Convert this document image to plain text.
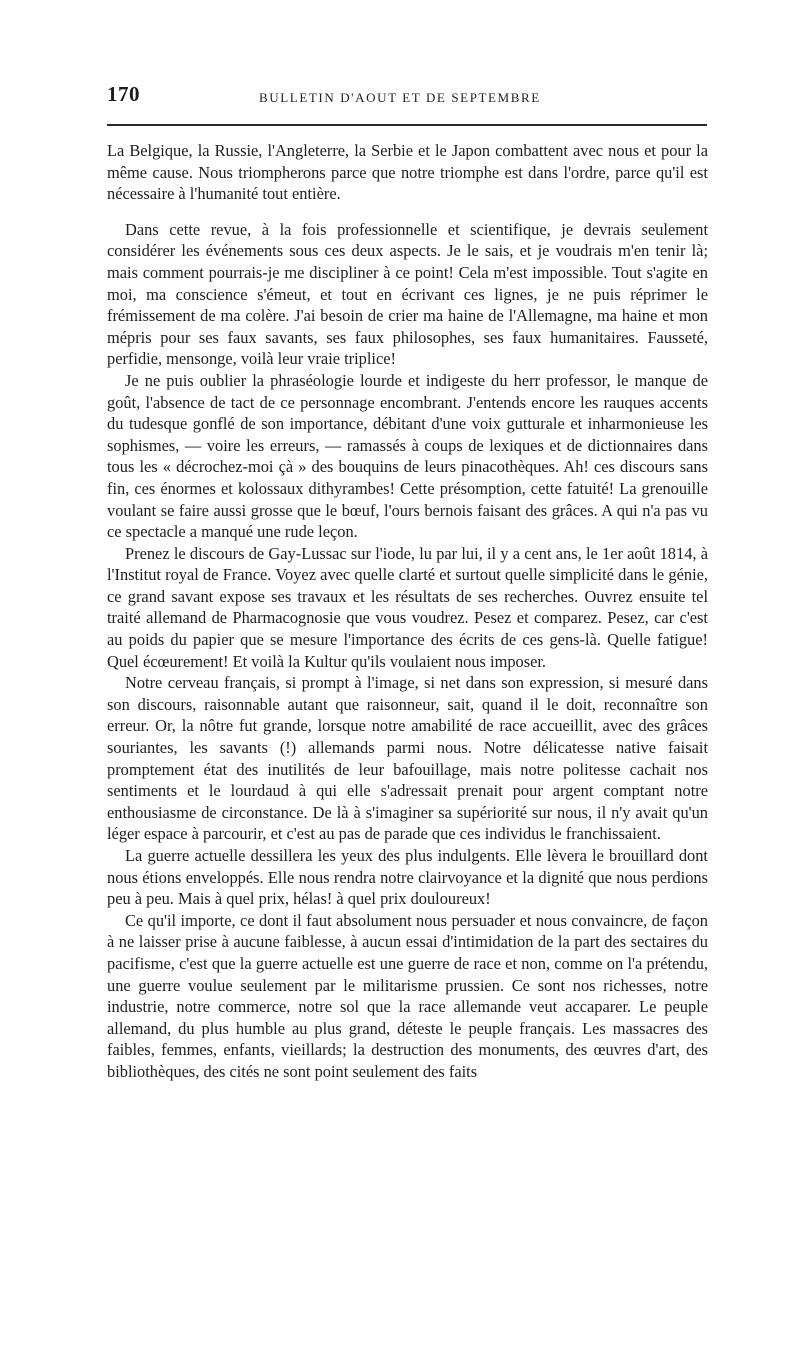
170	BULLETIN D'AOUT ET DE SEPTEMBRE

La Belgique, la Russie, l'Angleterre, la Serbie et le Japon combattent avec nous et pour la même cause. Nous triompherons parce que notre triomphe est dans l'ordre, parce qu'il est nécessaire à l'humanité tout entière.

Dans cette revue, à la fois professionnelle et scientifique, je devrais seulement considérer les événements sous ces deux aspects. Je le sais, et je voudrais m'en tenir là; mais comment pourrais-je me discipliner à ce point! Cela m'est impossible. Tout s'agite en moi, ma conscience s'émeut, et tout en écrivant ces lignes, je ne puis réprimer le frémissement de ma colère. J'ai besoin de crier ma haine de l'Allemagne, ma haine et mon mépris pour ses faux savants, ses faux philosophes, ses faux humanitaires. Fausseté, perfidie, mensonge, voilà leur vraie triplice!

Je ne puis oublier la phraséologie lourde et indigeste du herr professor, le manque de goût, l'absence de tact de ce personnage encombrant. J'entends encore les rauques accents du tudesque gonflé de son importance, débitant d'une voix gutturale et inharmonieuse les sophismes, — voire les erreurs, — ramassés à coups de lexiques et de dictionnaires dans tous les « décrochez-moi çà » des bouquins de leurs pinacothèques. Ah! ces discours sans fin, ces énormes et kolossaux dithyrambes! Cette présomption, cette fatuité! La grenouille voulant se faire aussi grosse que le bœuf, l'ours bernois faisant des grâces. A qui n'a pas vu ce spectacle a manqué une rude leçon.

Prenez le discours de Gay-Lussac sur l'iode, lu par lui, il y a cent ans, le 1er août 1814, à l'Institut royal de France. Voyez avec quelle clarté et surtout quelle simplicité dans le génie, ce grand savant expose ses travaux et les résultats de ses recherches. Ouvrez ensuite tel traité allemand de Pharmacognosie que vous voudrez. Pesez et comparez. Pesez, car c'est au poids du papier que se mesure l'importance des écrits de ces gens-là. Quelle fatigue! Quel écœurement! Et voilà la Kultur qu'ils voulaient nous imposer.

Notre cerveau français, si prompt à l'image, si net dans son expression, si mesuré dans son discours, raisonnable autant que raisonneur, sait, quand il le doit, reconnaître son erreur. Or, la nôtre fut grande, lorsque notre amabilité de race accueillit, avec des grâces souriantes, les savants (!) allemands parmi nous. Notre délicatesse native faisait promptement état des inutilités de leur bafouillage, mais notre politesse cachait nos sentiments et le lourdaud à qui elle s'adressait prenait pour argent comptant notre enthousiasme de circonstance. De là à s'imaginer sa supériorité sur nous, il n'y avait qu'un léger espace à parcourir, et c'est au pas de parade que ces individus le franchissaient.

La guerre actuelle dessillera les yeux des plus indulgents. Elle lèvera le brouillard dont nous étions enveloppés. Elle nous rendra notre clairvoyance et la dignité que nous perdions peu à peu. Mais à quel prix, hélas! à quel prix douloureux!

Ce qu'il importe, ce dont il faut absolument nous persuader et nous convaincre, de façon à ne laisser prise à aucune faiblesse, à aucun essai d'intimidation de la part des sectaires du pacifisme, c'est que la guerre actuelle est une guerre de race et non, comme on l'a prétendu, une guerre voulue seulement par le militarisme prussien. Ce sont nos richesses, notre industrie, notre commerce, notre sol que la race allemande veut accaparer. Le peuple allemand, du plus humble au plus grand, déteste le peuple français. Les massacres des faibles, femmes, enfants, vieillards; la destruction des monuments, des œuvres d'art, des bibliothèques, des cités ne sont point seulement des faits
